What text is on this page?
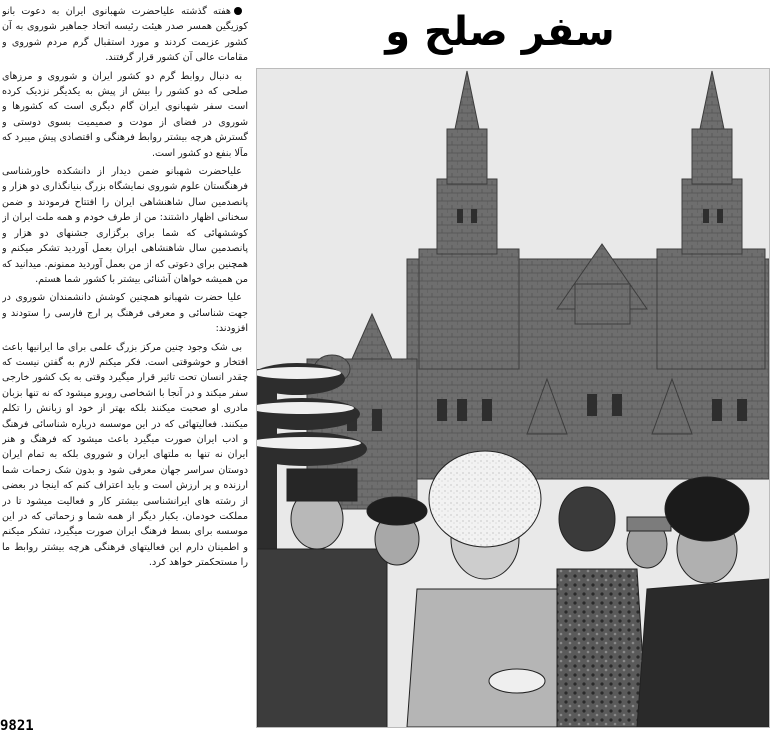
سفر صلح و

هفته گذشته علیاحضرت شهبانوی ایران به دعوت بانو کوزیگین همسر صدر هیئت رئیسه اتحاد جماهیر شوروی به آن کشور عزیمت کردند و مورد استقبال گرم مردم شوروی و مقامات عالی آن کشور قرار گرفتند.

به دنبال روابط گرم دو کشور ایران و شوروی و مرزهای صلحی که دو کشور را بیش از پیش به یکدیگر نزدیک کرده است سفر شهبانوی ایران گام دیگری است که کشورها و شوروی در فضای از مودت و صمیمیت بسوی دوستی و گسترش هرچه بیشتر روابط فرهنگی و اقتصادی پیش میبرد که مآلا بنفع دو کشور است.

علیاحضرت شهبانو ضمن دیدار از دانشکده خاورشناسی فرهنگستان علوم شوروی نمایشگاه بزرگ بنیانگذاری دو هزار و پانصدمین سال شاهنشاهی ایران را افتتاح فرمودند و ضمن سخنانی اظهار داشتند: من از طرف خودم و همه ملت ایران از کوششهائی که شما برای برگزاری جشنهای دو هزار و پانصدمین سال شاهنشاهی ایران بعمل آوردید تشکر میکنم و همچنین برای دعوتی که از من بعمل آوردید ممنونم. میدانید که من همیشه خواهان آشنائی بیشتر با کشور شما هستم.

علیا حضرت شهبانو همچنین کوشش دانشمندان شوروی در جهت شناسائی و معرفی فرهنگ پر ارج فارسی را ستودند و افزودند:

بی شک وجود چنین مرکز بزرگ علمی برای ما ایرانیها باعث افتخار و خوشوقتی است. فکر میکنم لازم به گفتن نیست که چقدر انسان تحت تاثیر قرار میگیرد وقتی به یک کشور خارجی سفر میکند و در آنجا با اشخاصی روبرو میشود که نه تنها بزبان مادری او صحبت میکنند بلکه بهتر از خود او زبانش را تکلم میکنند. فعالیتهائی که در این موسسه درباره شناسائی فرهنگ و ادب ایران صورت میگیرد باعث میشود که فرهنگ و هنر ایران نه تنها به ملتهای ایران و شوروی بلکه به تمام ایران دوستان سراسر جهان معرفی شود و بدون شک زحمات شما ارزنده و پر ارزش است و باید اعتراف کنم که اینجا در بعضی از رشته های ایرانشناسی بیشتر کار و فعالیت میشود تا در مملکت خودمان. یکبار دیگر از همه شما و زحماتی که در این موسسه برای بسط فرهنگ ایران صورت میگیرد، تشکر میکنم و اطمینان دارم این فعالیتهای فرهنگی هرچه بیشتر روابط ما را مستحکمتر خواهد کرد.

9821
